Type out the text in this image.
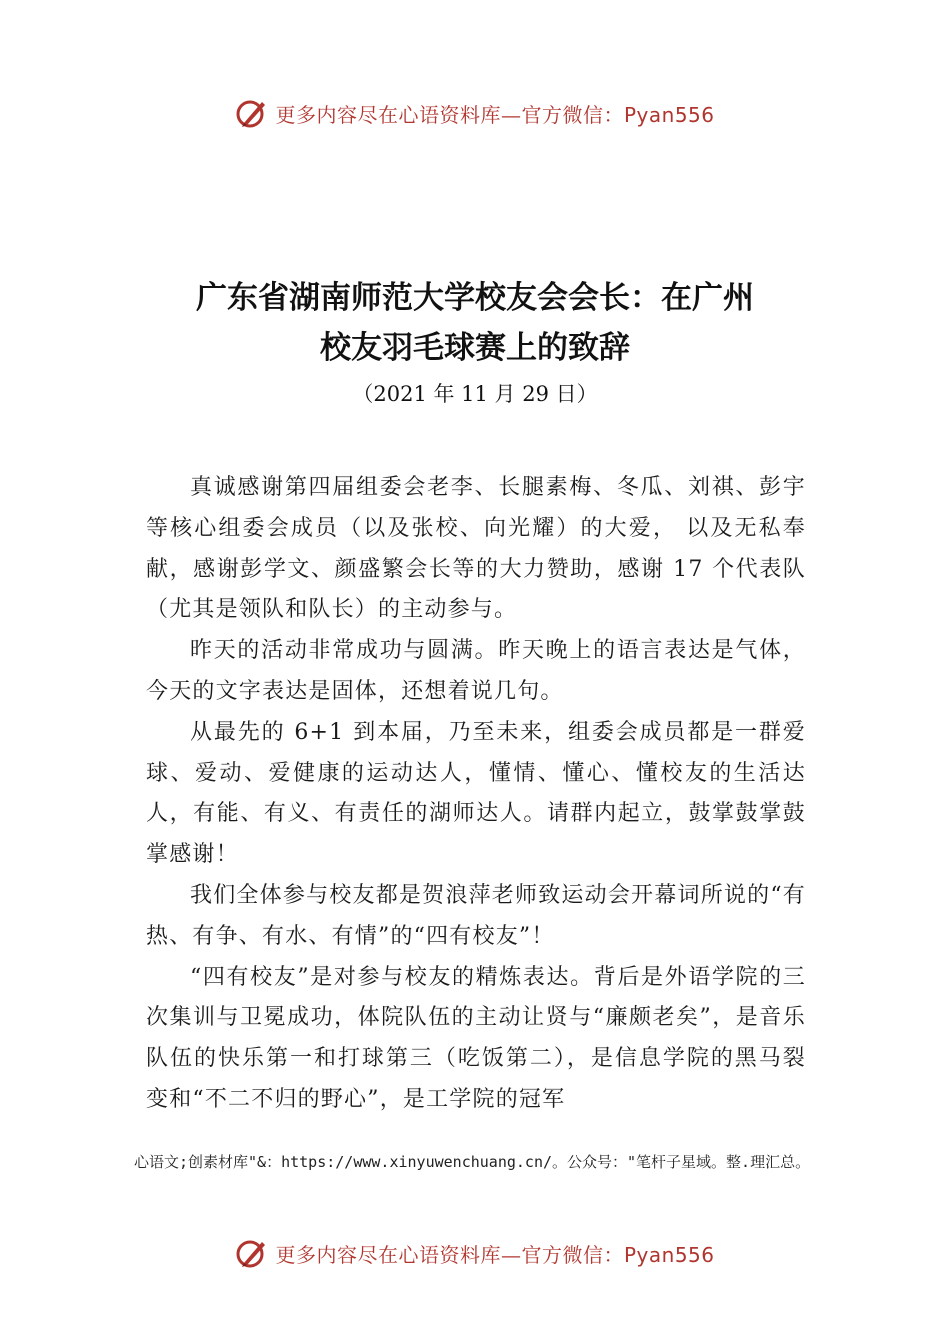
更多内容尽在心语资料库—官方微信：Pyan556
广东省湖南师范大学校友会会长：在广州
校友羽毛球赛上的致辞
（2021 年 11 月 29 日）

真诚感谢第四届组委会老李、长腿素梅、冬瓜、刘祺、彭宇等核心组委会成员（以及张校、向光耀）的大爱， 以及无私奉献，感谢彭学文、颜盛繁会长等的大力赞助，感谢 17 个代表队（尤其是领队和队长）的主动参与。

昨天的活动非常成功与圆满。昨天晚上的语言表达是气体，今天的文字表达是固体，还想着说几句。

从最先的 6+1 到本届，乃至未来，组委会成员都是一群爱球、爱动、爱健康的运动达人，懂情、懂心、懂校友的生活达人，有能、有义、有责任的湖师达人。请群内起立，鼓掌鼓掌鼓掌感谢！

我们全体参与校友都是贺浪萍老师致运动会开幕词所说的“有热、有争、有水、有情”的“四有校友”！

“四有校友”是对参与校友的精炼表达。背后是外语学院的三次集训与卫冕成功，体院队伍的主动让贤与“廉颇老矣”，是音乐队伍的快乐第一和打球第三（吃饭第二），是信息学院的黑马裂变和“不二不归的野心”，是工学院的冠军

心语文;创素材库"&：https://www.xinyuwenchuang.cn/。公众号："笔杆子星域。整.理汇总。
更多内容尽在心语资料库—官方微信：Pyan556
